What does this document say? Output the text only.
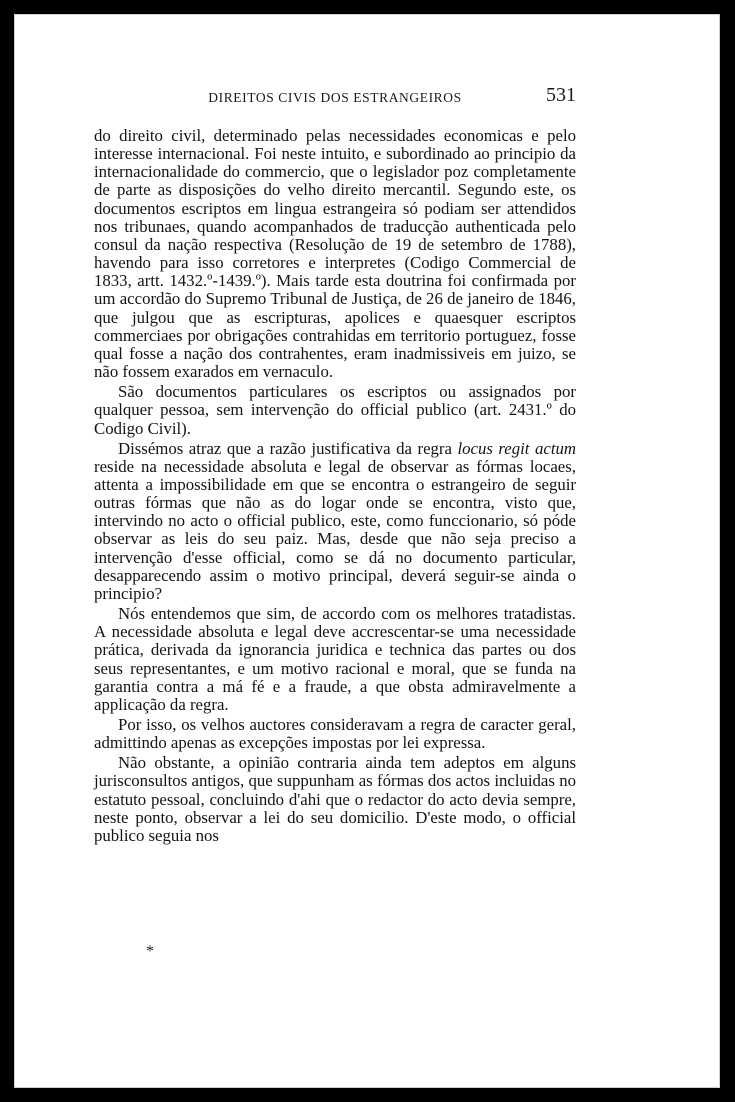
DIREITOS CIVIS DOS ESTRANGEIROS	531

do direito civil, determinado pelas necessidades economicas e pelo interesse internacional. Foi neste intuito, e subordinado ao principio da internacionalidade do commercio, que o legislador poz completamente de parte as disposições do velho direito mercantil. Segundo este, os documentos escriptos em lingua estrangeira só podiam ser attendidos nos tribunaes, quando acompanhados de traducção authenticada pelo consul da nação respectiva (Resolução de 19 de setembro de 1788), havendo para isso corretores e interpretes (Codigo Commercial de 1833, artt. 1432.º-1439.º). Mais tarde esta doutrina foi confirmada por um accordão do Supremo Tribunal de Justiça, de 26 de janeiro de 1846, que julgou que as escripturas, apolices e quaesquer escriptos commerciaes por obrigações contrahidas em territorio portuguez, fosse qual fosse a nação dos contrahentes, eram inadmissiveis em juizo, se não fossem exarados em vernaculo.

São documentos particulares os escriptos ou assignados por qualquer pessoa, sem intervenção do official publico (art. 2431.º do Codigo Civil).

Dissémos atraz que a razão justificativa da regra locus regit actum reside na necessidade absoluta e legal de observar as fórmas locaes, attenta a impossibilidade em que se encontra o estrangeiro de seguir outras fórmas que não as do logar onde se encontra, visto que, intervindo no acto o official publico, este, como funccionario, só póde observar as leis do seu paiz. Mas, desde que não seja preciso a intervenção d'esse official, como se dá no documento particular, desapparecendo assim o motivo principal, deverá seguir-se ainda o principio?

Nós entendemos que sim, de accordo com os melhores tratadistas. A necessidade absoluta e legal deve accrescentar-se uma necessidade prática, derivada da ignorancia juridica e technica das partes ou dos seus representantes, e um motivo racional e moral, que se funda na garantia contra a má fé e a fraude, a que obsta admiravelmente a applicação da regra.

Por isso, os velhos auctores consideravam a regra de caracter geral, admittindo apenas as excepções impostas por lei expressa.

Não obstante, a opinião contraria ainda tem adeptos em alguns jurisconsultos antigos, que suppunham as fórmas dos actos incluidas no estatuto pessoal, concluindo d'ahi que o redactor do acto devia sempre, neste ponto, observar a lei do seu domicilio. D'este modo, o official publico seguia nos

*
